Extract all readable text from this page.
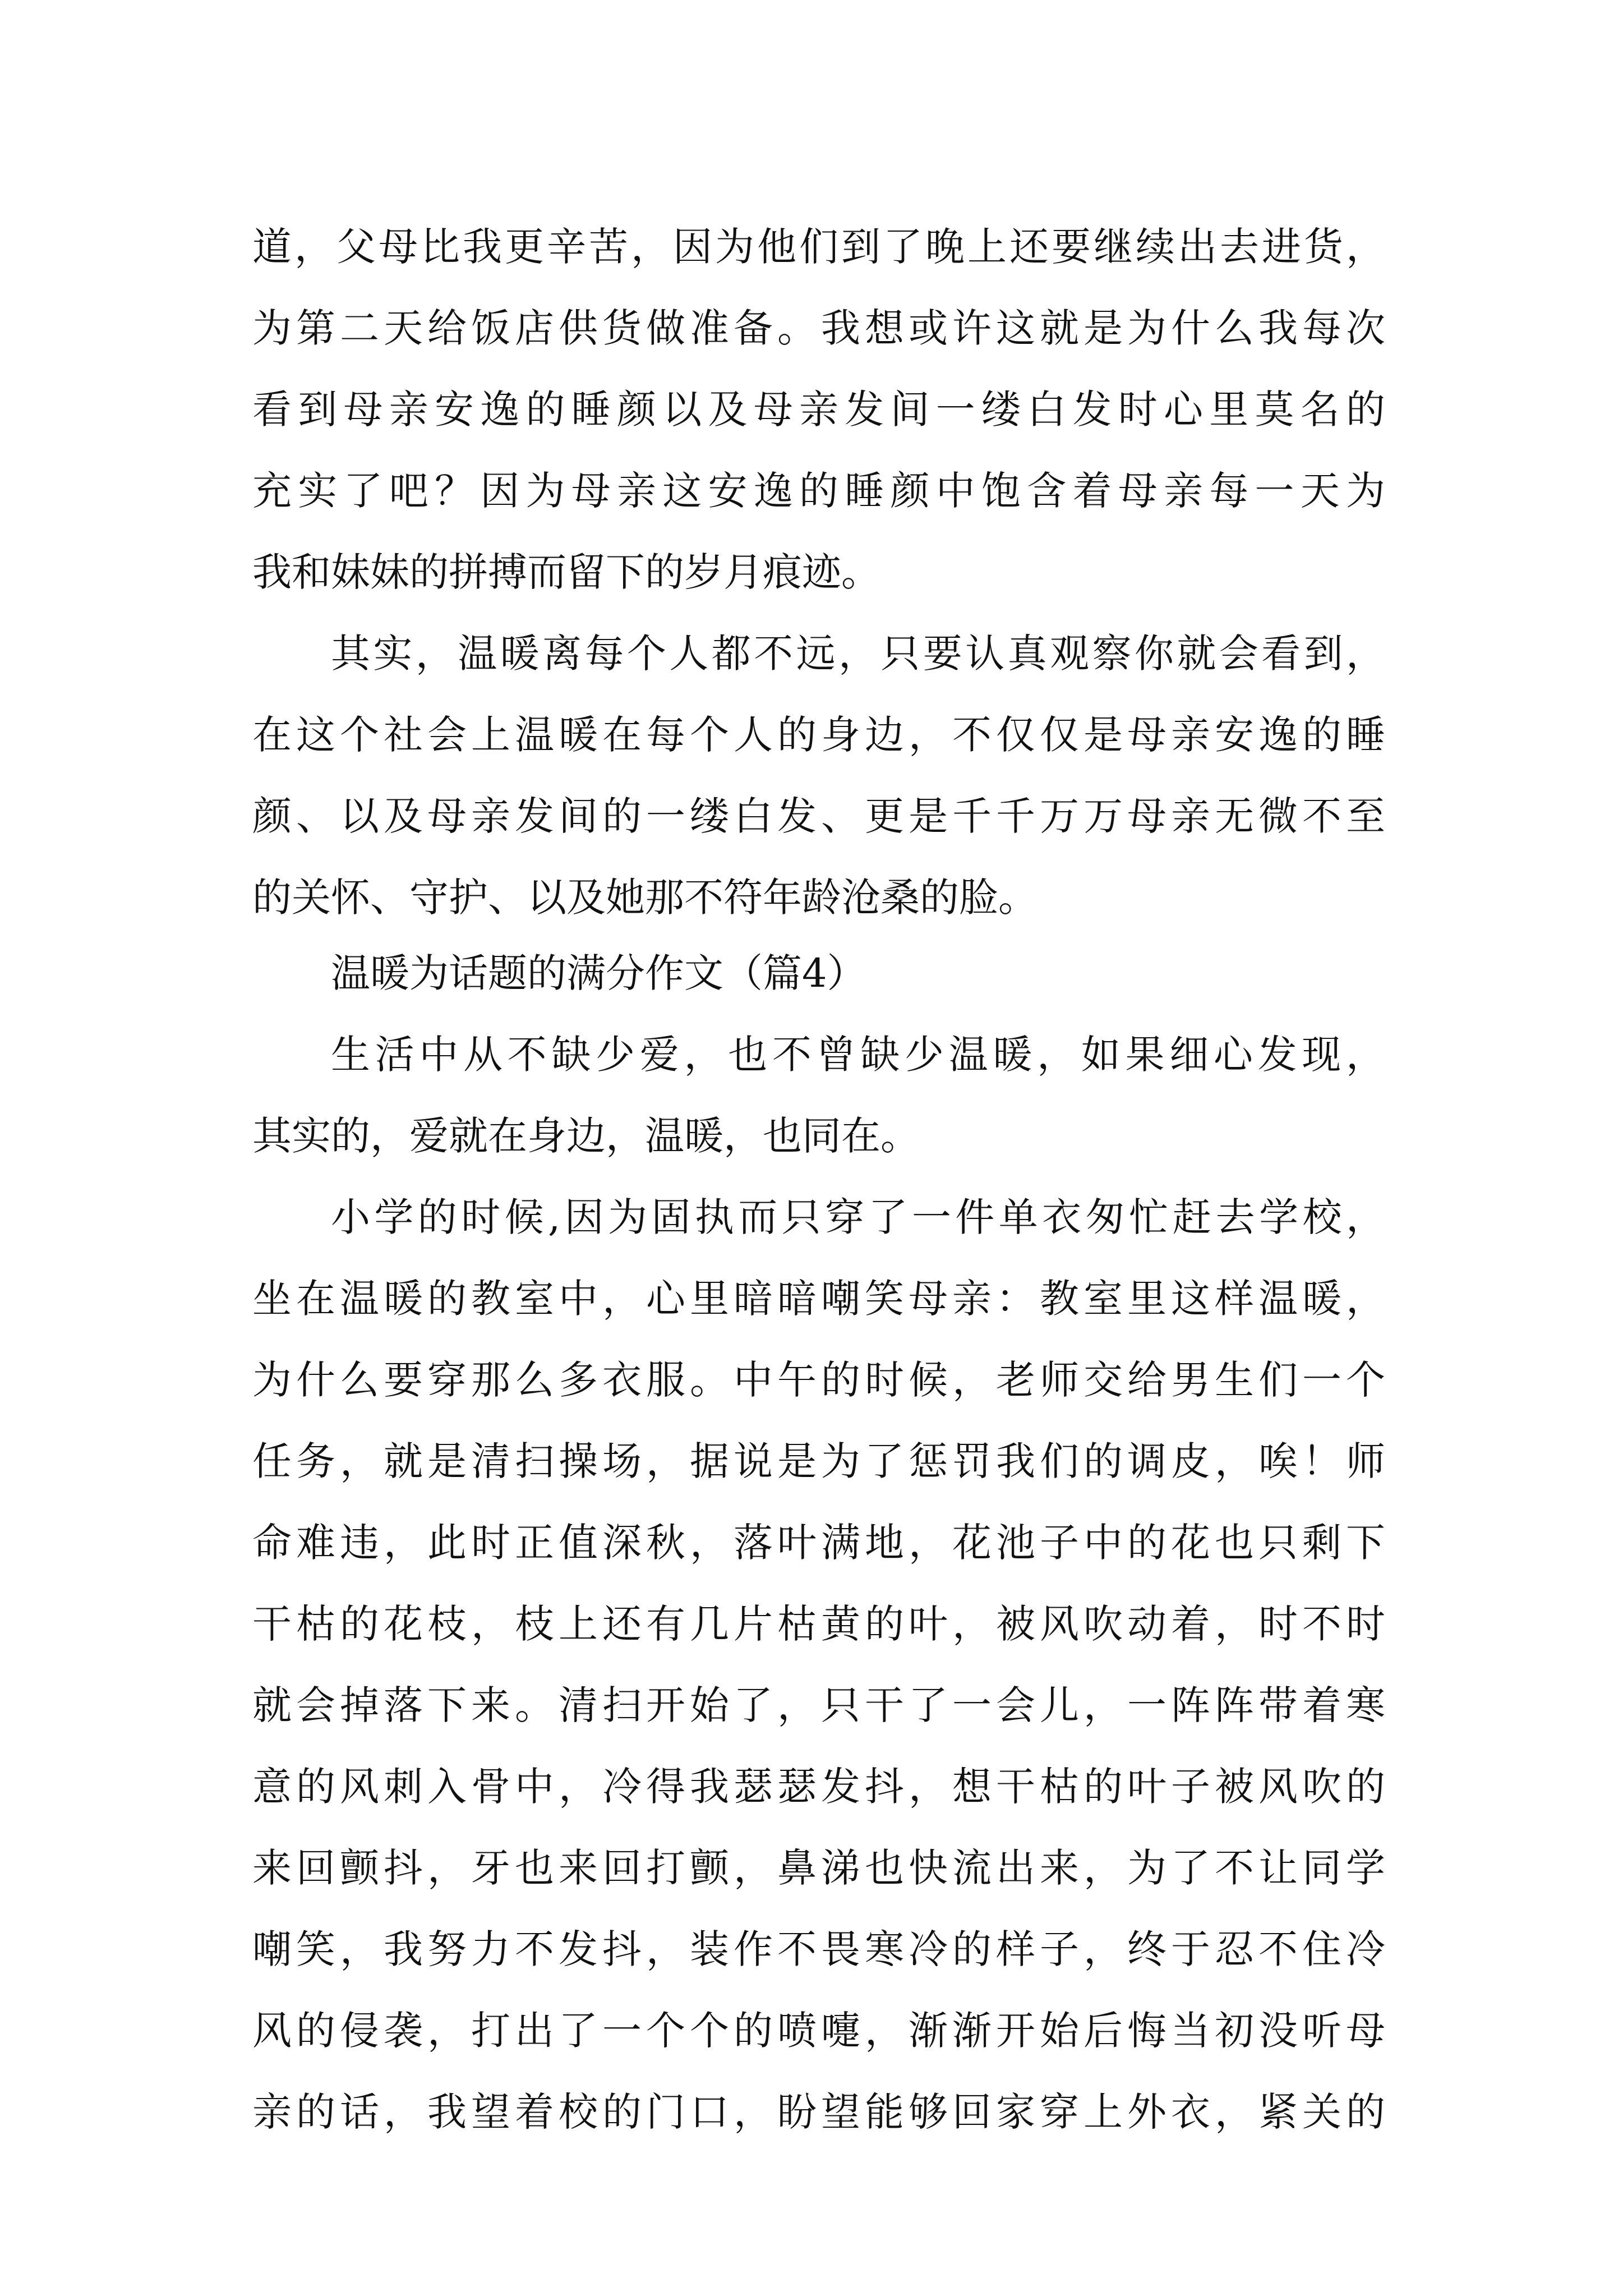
道，父母比我更辛苦，因为他们到了晚上还要继续出去进货，
为第二天给饭店供货做准备。我想或许这就是为什么我每次
看到母亲安逸的睡颜以及母亲发间一缕白发时心里莫名的
充实了吧？因为母亲这安逸的睡颜中饱含着母亲每一天为
我和妹妹的拼搏而留下的岁月痕迹。
其实，温暖离每个人都不远，只要认真观察你就会看到，
在这个社会上温暖在每个人的身边，不仅仅是母亲安逸的睡
颜、以及母亲发间的一缕白发、更是千千万万母亲无微不至
的关怀、守护、以及她那不符年龄沧桑的脸。
温暖为话题的满分作文（篇4）
生活中从不缺少爱，也不曾缺少温暖，如果细心发现，
其实的，爱就在身边，温暖，也同在。
小学的时候,因为固执而只穿了一件单衣匆忙赶去学校，
坐在温暖的教室中，心里暗暗嘲笑母亲：教室里这样温暖，
为什么要穿那么多衣服。中午的时候，老师交给男生们一个
任务，就是清扫操场，据说是为了惩罚我们的调皮，唉！师
命难违，此时正值深秋，落叶满地，花池子中的花也只剩下
干枯的花枝，枝上还有几片枯黄的叶，被风吹动着，时不时
就会掉落下来。清扫开始了，只干了一会儿，一阵阵带着寒
意的风刺入骨中，冷得我瑟瑟发抖，想干枯的叶子被风吹的
来回颤抖，牙也来回打颤，鼻涕也快流出来，为了不让同学
嘲笑，我努力不发抖，装作不畏寒冷的样子，终于忍不住冷
风的侵袭，打出了一个个的喷嚏，渐渐开始后悔当初没听母
亲的话，我望着校的门口，盼望能够回家穿上外衣，紧关的
